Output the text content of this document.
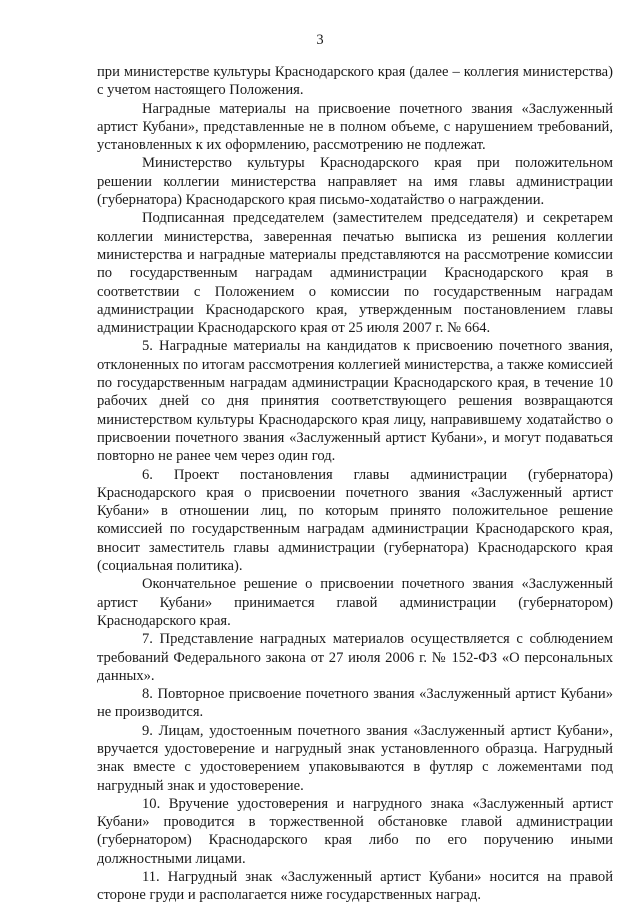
3

при министерстве культуры Краснодарского края (далее – коллегия министерства) с учетом настоящего Положения.

Наградные материалы на присвоение почетного звания «Заслуженный артист Кубани», представленные не в полном объеме, с нарушением требований, установленных к их оформлению, рассмотрению не подлежат.

Министерство культуры Краснодарского края при положительном решении коллегии министерства направляет на имя главы администрации (губернатора) Краснодарского края письмо-ходатайство о награждении.

Подписанная председателем (заместителем председателя) и секретарем коллегии министерства, заверенная печатью выписка из решения коллегии министерства и наградные материалы представляются на рассмотрение комиссии по государственным наградам администрации Краснодарского края в соответствии с Положением о комиссии по государственным наградам администрации Краснодарского края, утвержденным постановлением главы администрации Краснодарского края от 25 июля 2007 г. № 664.

5. Наградные материалы на кандидатов к присвоению почетного звания, отклоненных по итогам рассмотрения коллегией министерства, а также комиссией по государственным наградам администрации Краснодарского края, в течение 10 рабочих дней со дня принятия соответствующего решения возвращаются министерством культуры Краснодарского края лицу, направившему ходатайство о присвоении почетного звания «Заслуженный артист Кубани», и могут подаваться повторно не ранее чем через один год.

6. Проект постановления главы администрации (губернатора) Краснодарского края о присвоении почетного звания «Заслуженный артист Кубани» в отношении лиц, по которым принято положительное решение комиссией по государственным наградам администрации Краснодарского края, вносит заместитель главы администрации (губернатора) Краснодарского края (социальная политика).

Окончательное решение о присвоении почетного звания «Заслуженный артист Кубани» принимается главой администрации (губернатором) Краснодарского края.

7. Представление наградных материалов осуществляется с соблюдением требований Федерального закона от 27 июля 2006 г. № 152-ФЗ «О персональных данных».

8. Повторное присвоение почетного звания «Заслуженный артист Кубани» не производится.

9. Лицам, удостоенным почетного звания «Заслуженный артист Кубани», вручается удостоверение и нагрудный знак установленного образца. Нагрудный знак вместе с удостоверением упаковываются в футляр с ложементами под нагрудный знак и удостоверение.

10. Вручение удостоверения и нагрудного знака «Заслуженный артист Кубани» проводится в торжественной обстановке главой администрации (губернатором) Краснодарского края либо по его поручению иными должностными лицами.

11. Нагрудный знак «Заслуженный артист Кубани» носится на правой стороне груди и располагается ниже государственных наград.
